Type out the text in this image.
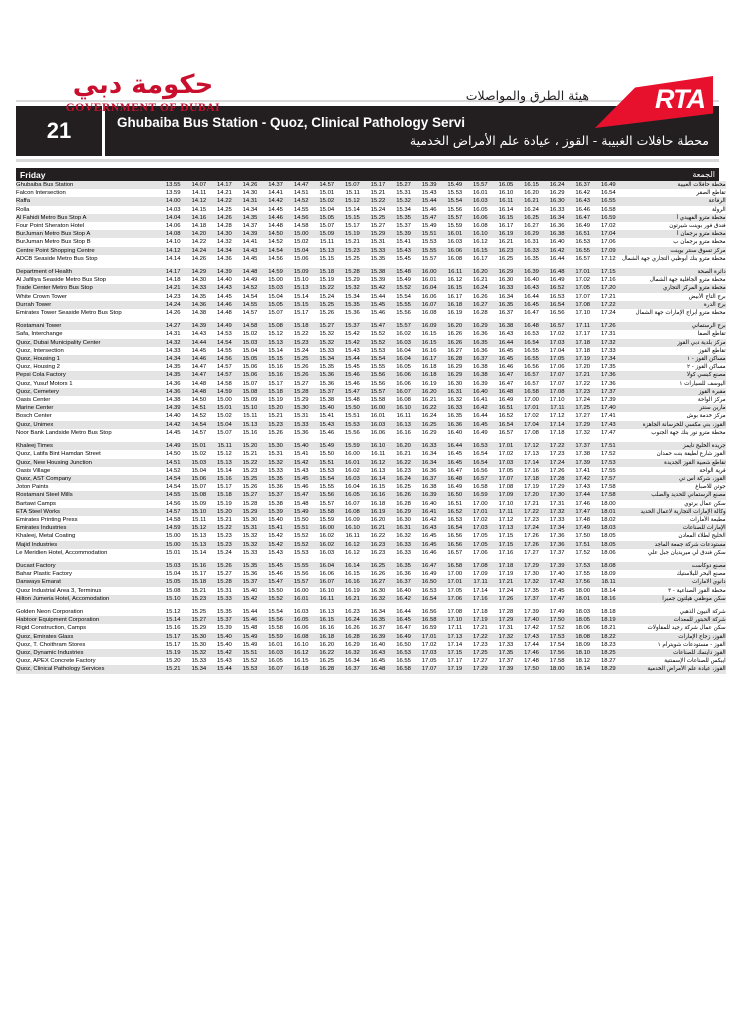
حكومة دبي
GOVERNMENT OF DUBAI
هيئة الطرق والمواصلات
ROADS & TRANSPORT AUTHORITY RTA
21	Ghubaiba Bus Station - Quoz, Clinical Pathology Servi
محطة حافلات الغبيبة - القوز ، عيادة علم الأمراض الخدمية
Friday	الجمعة
Ghubaiba Bus Station	13.55	14.07	14.17	14.26	14.37	14.47	14.57	15.07	15.17	15.27	15.39	15.49	15.57	16.05	16.15	16.24	16.37	16.49	محطة حافلات الغبيبة
Falcon Intersection	13.59	14.11	14.21	14.30	14.41	14.51	15.01	15.11	15.21	15.31	15.43	15.53	16.01	16.10	16.20	16.29	16.42	16.54	تقاطع الصقر
Raffa	14.00	14.12	14.22	14.31	14.42	14.52	15.02	15.12	15.22	15.32	15.44	15.54	16.03	16.11	16.21	16.30	16.43	16.55	الرفاعة
Rolla	14.03	14.15	14.25	14.34	14.45	14.55	15.04	15.14	15.24	15.34	15.46	15.56	16.05	16.14	16.24	16.33	16.46	16.58	الرولة
Al Fahidi Metro Bus Stop A	14.04	14.16	14.26	14.35	14.46	14.56	15.05	15.15	15.25	15.35	15.47	15.57	16.06	16.15	16.25	16.34	16.47	16.59	محطة مترو الفهيدي أ
Four Point Sheraton Hotel	14.06	14.18	14.28	14.37	14.48	14.58	15.07	15.17	15.27	15.37	15.49	15.59	16.08	16.17	16.27	16.36	16.49	17.02	فندق فور بوينت شيرتون
BurJuman Metro Bus Stop A	14.08	14.20	14.30	14.39	14.50	15.00	15.09	15.19	15.29	15.39	15.51	16.01	16.10	16.19	16.29	16.38	16.51	17.04	محطة مترو برجمان أ
BurJuman Metro Bus Stop B	14.10	14.22	14.32	14.41	14.52	15.02	15.11	15.21	15.31	15.41	15.53	16.03	16.12	16.21	16.31	16.40	16.53	17.06	محطة مترو برجمان ب
Centre Point Shopping Centre	14.12	14.24	14.34	14.43	14.54	15.04	15.13	15.23	15.33	15.43	15.55	16.06	16.15	16.23	16.33	16.42	16.55	17.09	مركز تسوق سنتر بوينت
ADCB Seaside Metro Bus Stop	14.14	14.26	14.36	14.45	14.56	15.06	15.15	15.25	15.35	15.45	15.57	16.08	16.17	16.25	16.35	16.44	16.57	17.12	محطة مترو بنك أبوظبي التجاري جهة الشمال

Department of Health	14.17	14.29	14.39	14.48	14.59	15.09	15.18	15.28	15.38	15.48	16.00	16.11	16.20	16.29	16.39	16.48	17.01	17.15	دائرة الصحة
Al Jafiliya Seaside Metro Bus Stop	14.18	14.30	14.40	14.49	15.00	15.10	15.19	15.29	15.39	15.49	16.01	16.12	16.21	16.30	16.40	16.49	17.02	17.16	محطة مترو الجافلية جهة الشمال
Trade Center Metro Bus Stop	14.21	14.33	14.43	14.52	15.03	15.13	15.22	15.32	15.42	15.52	16.04	16.15	16.24	16.33	16.43	16.52	17.05	17.20	محطة مترو المركز التجاري
White Crown Tower	14.23	14.35	14.45	14.54	15.04	15.14	15.24	15.34	15.44	15.54	16.06	16.17	16.26	16.34	16.44	16.53	17.07	17.21	برج التاج الأبيض
Durrah Tower	14.24	14.36	14.46	14.55	15.05	15.15	15.25	15.35	15.45	15.55	16.07	16.18	16.27	16.35	16.45	16.54	17.08	17.22	برج الدرة
Emirates Tower Seaside Metro Bus Stop	14.26	14.38	14.48	14.57	15.07	15.17	15.26	15.36	15.46	15.56	16.08	16.19	16.28	16.37	16.47	16.56	17.10	17.24	محطة مترو أبراج الإمارات جهة الشمال

Rostamani Tower	14.27	14.39	14.49	14.58	15.08	15.18	15.27	15.37	15.47	15.57	16.09	16.20	16.29	16.38	16.48	16.57	17.11	17.26	برج الرستماني
Safa, Interchange	14.31	14.43	14.53	15.02	15.12	15.22	15.32	15.42	15.52	16.02	16.15	16.26	16.36	16.43	16.53	17.02	17.17	17.31	تقاطع الصفا
Quoz, Dubai Municipality Center	14.32	14.44	14.54	15.03	15.13	15.23	15.32	15.42	15.52	16.03	16.15	16.26	16.35	16.44	16.54	17.03	17.18	17.32	مركز بلدية دبي القوز
Quoz, Intersection	14.33	14.45	14.55	15.04	15.14	15.24	15.33	15.43	15.53	16.04	16.16	16.27	16.36	16.45	16.55	17.04	17.18	17.33	تقاطع القوز
Quoz, Housing 1	14.34	14.46	14.56	15.05	15.15	15.25	15.34	15.44	15.54	16.04	16.17	16.28	16.37	16.45	16.55	17.05	17.19	17.34	مساكن القوز - ١
Quoz, Housing 2	14.35	14.47	14.57	15.06	15.16	15.26	15.35	15.45	15.55	16.05	16.18	16.29	16.38	16.46	16.56	17.06	17.20	17.35	مساكن القوز - ٢
Pepsi Cola Factory	14.35	14.47	14.57	15.06	15.16	15.26	15.36	15.46	15.56	16.06	16.18	16.29	16.38	16.47	16.57	17.07	17.21	17.36	مصنع كبسي كولا
Quoz, Yusuf Motors 1	14.36	14.48	14.58	15.07	15.17	15.27	15.36	15.46	15.56	16.06	16.19	16.30	16.39	16.47	16.57	17.07	17.22	17.36	اليوسف للسيارات ١
Quoz, Cemetery	14.36	14.48	14.59	15.08	15.18	15.28	15.37	15.47	15.57	16.07	16.20	16.31	16.40	16.48	16.58	17.08	17.23	17.37	مقبرة القوز
Oasis Center	14.38	14.50	15.00	15.09	15.19	15.29	15.38	15.48	15.58	16.08	16.21	16.32	16.41	16.49	17.00	17.10	17.24	17.39	مركز الواحة
Marine Center	14.39	14.51	15.01	15.10	15.20	15.30	15.40	15.50	16.00	16.10	16.22	16.33	16.42	16.51	17.01	17.11	17.25	17.40	مارين سنتر
Bosch Center	14.40	14.52	15.02	15.11	15.21	15.31	15.41	15.51	16.01	16.11	16.24	16.35	16.44	16.52	17.02	17.12	17.27	17.41	مركز خدمة بوش
Quoz, Unimex	14.42	14.54	15.04	15.13	15.23	15.33	15.43	15.53	16.03	16.13	16.25	16.36	16.45	16.54	17.04	17.14	17.29	17.43	القوز، بني مكسي للخرسانة الجاهزة
Noor Bank Landside Metro Bus Stop	14.45	14.57	15.07	15.16	15.26	15.36	15.46	15.56	16.06	16.16	16.29	16.40	16.49	16.57	17.08	17.18	17.32	17.47	محطة مترو نور بنك جهة الجنوب

Khaleej Times	14.49	15.01	15.11	15.20	15.30	15.40	15.49	15.59	16.10	16.20	16.33	16.44	16.53	17.01	17.12	17.22	17.37	17.51	جريدة الخليج تايمز
Quoz, Latifa Bint Hamdan Street	14.50	15.02	15.12	15.21	15.31	15.41	15.50	16.00	16.11	16.21	16.34	16.45	16.54	17.02	17.13	17.23	17.38	17.52	القوز شارع لطيفة بنت حمدان
Quoz, New Housing Junction	14.51	15.03	15.13	15.22	15.32	15.42	15.51	16.01	16.12	16.22	16.34	16.45	16.54	17.03	17.14	17.24	17.39	17.53	تقاطع شعبية القوز الجديدة
Oasis Village	14.52	15.04	15.14	15.23	15.33	15.43	15.53	16.02	16.13	16.23	16.36	16.47	16.56	17.05	17.16	17.26	17.41	17.55	قرية الواحة
Quoz, AST Company	14.54	15.06	15.16	15.25	15.35	15.45	15.54	16.03	16.14	16.24	16.37	16.48	16.57	17.07	17.18	17.28	17.42	17.57	القوز، شركة أس تي
Joton Paints	14.54	15.07	15.17	15.26	15.36	15.46	15.55	16.04	16.15	16.25	16.38	16.49	16.58	17.08	17.19	17.29	17.43	17.58	جوتن للاصباغ
Rostamani Steel Mills	14.55	15.08	15.18	15.27	15.37	15.47	15.56	16.05	16.16	16.26	16.39	16.50	16.59	17.09	17.20	17.30	17.44	17.58	مصنع الرستماني للحديد والصلب
Bartawi Camps	14.56	15.09	15.19	15.28	15.38	15.48	15.57	16.07	16.18	16.28	16.40	16.51	17.00	17.10	17.21	17.31	17.46	18.00	سكن عمال برتوي
ETA Steel Works	14.57	15.10	15.20	15.29	15.39	15.49	15.58	16.08	16.19	16.29	16.41	16.52	17.01	17.11	17.22	17.32	17.47	18.01	وكالة الإمارات التجارية لاعمال الحديد
Emirates Printing Press	14.58	15.11	15.21	15.30	15.40	15.50	15.59	16.09	16.20	16.30	16.42	16.53	17.02	17.12	17.23	17.33	17.48	18.02	مطبعة الأمارات
Emirates Industries	14.59	15.12	15.22	15.31	15.41	15.51	16.00	16.10	16.21	16.31	16.43	16.54	17.03	17.13	17.24	17.34	17.49	18.03	الإمارات للصناعات
Khaleej, Metal Coating	15.00	15.13	15.23	15.32	15.42	15.52	16.02	16.11	16.22	16.32	16.45	16.56	17.05	17.15	17.26	17.36	17.50	18.05	الخليج لطلاء المعادن
Majid Industries	15.00	15.13	15.23	15.32	15.42	15.52	16.02	16.12	16.23	16.33	16.45	16.56	17.05	17.15	17.26	17.36	17.51	18.05	مستودعات شركة جمعة الماجد
Le Meridien Hotel, Accommodation	15.01	15.14	15.24	15.33	15.43	15.53	16.03	16.12	16.23	16.33	16.46	16.57	17.06	17.16	17.27	17.37	17.52	18.06	سكن فندق لي ميريديان جبل علي

Ducast Factory	15.03	15.16	15.26	15.35	15.45	15.55	16.04	16.14	16.25	16.35	16.47	16.58	17.08	17.18	17.29	17.39	17.53	18.08	مصنع دوكاست
Bahar Plastic Factory	15.04	15.17	15.27	15.36	15.46	15.56	16.06	16.15	16.26	16.36	16.49	17.00	17.09	17.19	17.30	17.40	17.55	18.09	مصنع البحر للبلاستيك
Danways Emarat	15.05	15.18	15.28	15.37	15.47	15.57	16.07	16.16	16.27	16.37	16.50	17.01	17.11	17.21	17.32	17.42	17.56	18.11	دانوي الامارات
Quoz Industrial Area 3, Terminus	15.08	15.21	15.31	15.40	15.50	16.00	16.10	16.19	16.30	16.40	16.53	17.05	17.14	17.24	17.35	17.45	18.00	18.14	محطة القوز الصناعية - ٣
Hilton Jumeria Hotel, Accomodation	15.10	15.23	15.33	15.42	15.52	16.01	16.11	16.21	16.32	16.42	16.54	17.06	17.16	17.26	17.37	17.47	18.01	18.16	سكن موظفي هيلتون جميرا

Golden Neon Corporation	15.12	15.25	15.35	15.44	15.54	16.03	16.13	16.23	16.34	16.44	16.56	17.08	17.18	17.28	17.39	17.49	18.03	18.18	شركة النيون الذهبي
Habtoor Equipment Corporation	15.14	15.27	15.37	15.46	15.56	16.05	16.15	16.24	16.35	16.45	16.58	17.10	17.19	17.29	17.40	17.50	18.05	18.19	شركة الحبتور للمعدات
Rigid Construction, Camps	15.16	15.29	15.39	15.48	15.58	16.06	16.16	16.26	16.37	16.47	16.59	17.11	17.21	17.31	17.42	17.52	18.06	18.21	سكن عمال شركة رجيد للمقاولات
Quoz, Emirates Glass	15.17	15.30	15.40	15.49	15.59	16.08	16.18	16.28	16.39	16.49	17.01	17.13	17.22	17.32	17.43	17.53	18.08	18.22	القوز، زجاج الإمارات
Quoz, T. Choithram Stores	15.17	15.30	15.40	15.49	16.01	16.10	16.20	16.29	16.40	16.50	17.02	17.14	17.23	17.33	17.44	17.54	18.09	18.23	القوز - مستودعات شويترام ١
Quoz, Dynamic Industries	15.19	15.32	15.42	15.51	16.03	16.12	16.22	16.32	16.43	16.53	17.03	17.15	17.25	17.35	17.46	17.56	18.10	18.25	القوز داينمك للصناعات
Quoz, APEX Concrete Factory	15.20	15.33	15.43	15.52	16.05	16.15	16.25	16.34	16.45	16.55	17.05	17.17	17.27	17.37	17.48	17.58	18.12	18.27	ايبكس للصناعات الإسمنتية
Quoz, Clinical Pathology Services	15.21	15.34	15.44	15.53	16.07	16.18	16.28	16.37	16.48	16.58	17.07	17.19	17.29	17.39	17.50	18.00	18.14	18.29	القوز، عيادة علم الأمراض الخدمية
